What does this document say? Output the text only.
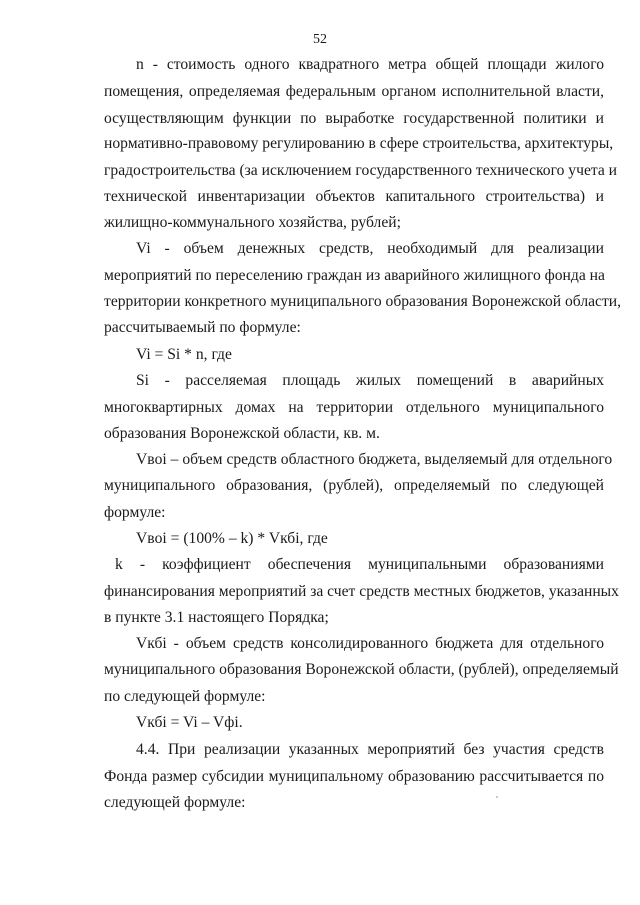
52
n - стоимость одного квадратного метра общей площади жилого
помещения, определяемая федеральным органом исполнительной власти,
осуществляющим функции по выработке государственной политики и
нормативно-правовому регулированию в сфере строительства, архитектуры,
градостроительства (за исключением государственного технического учета и
технической инвентаризации объектов капитального строительства) и
жилищно-коммунального хозяйства, рублей;
Vi - объем денежных средств, необходимый для реализации
мероприятий по переселению граждан из аварийного жилищного фонда на
территории конкретного муниципального образования Воронежской области,
рассчитываемый по формуле:
Vi = Si * n, где
Si - расселяемая площадь жилых помещений в аварийных
многоквартирных домах на территории отдельного муниципального
образования Воронежской области, кв. м.
Vвoi – объем средств областного бюджета, выделяемый для отдельного
муниципального образования, (рублей), определяемый по следующей
формуле:
Vвoi = (100% – k) * Vкбi, где
k - коэффициент обеспечения муниципальными образованиями
финансирования мероприятий за счет средств местных бюджетов, указанных
в пункте 3.1 настоящего Порядка;
Vкбi - объем средств консолидированного бюджета для отдельного
муниципального образования Воронежской области, (рублей), определяемый
по следующей формуле:
Vкбi = Vi – Vфi.
4.4. При реализации указанных мероприятий без участия средств
Фонда размер субсидии муниципальному образованию рассчитывается по
следующей формуле:
